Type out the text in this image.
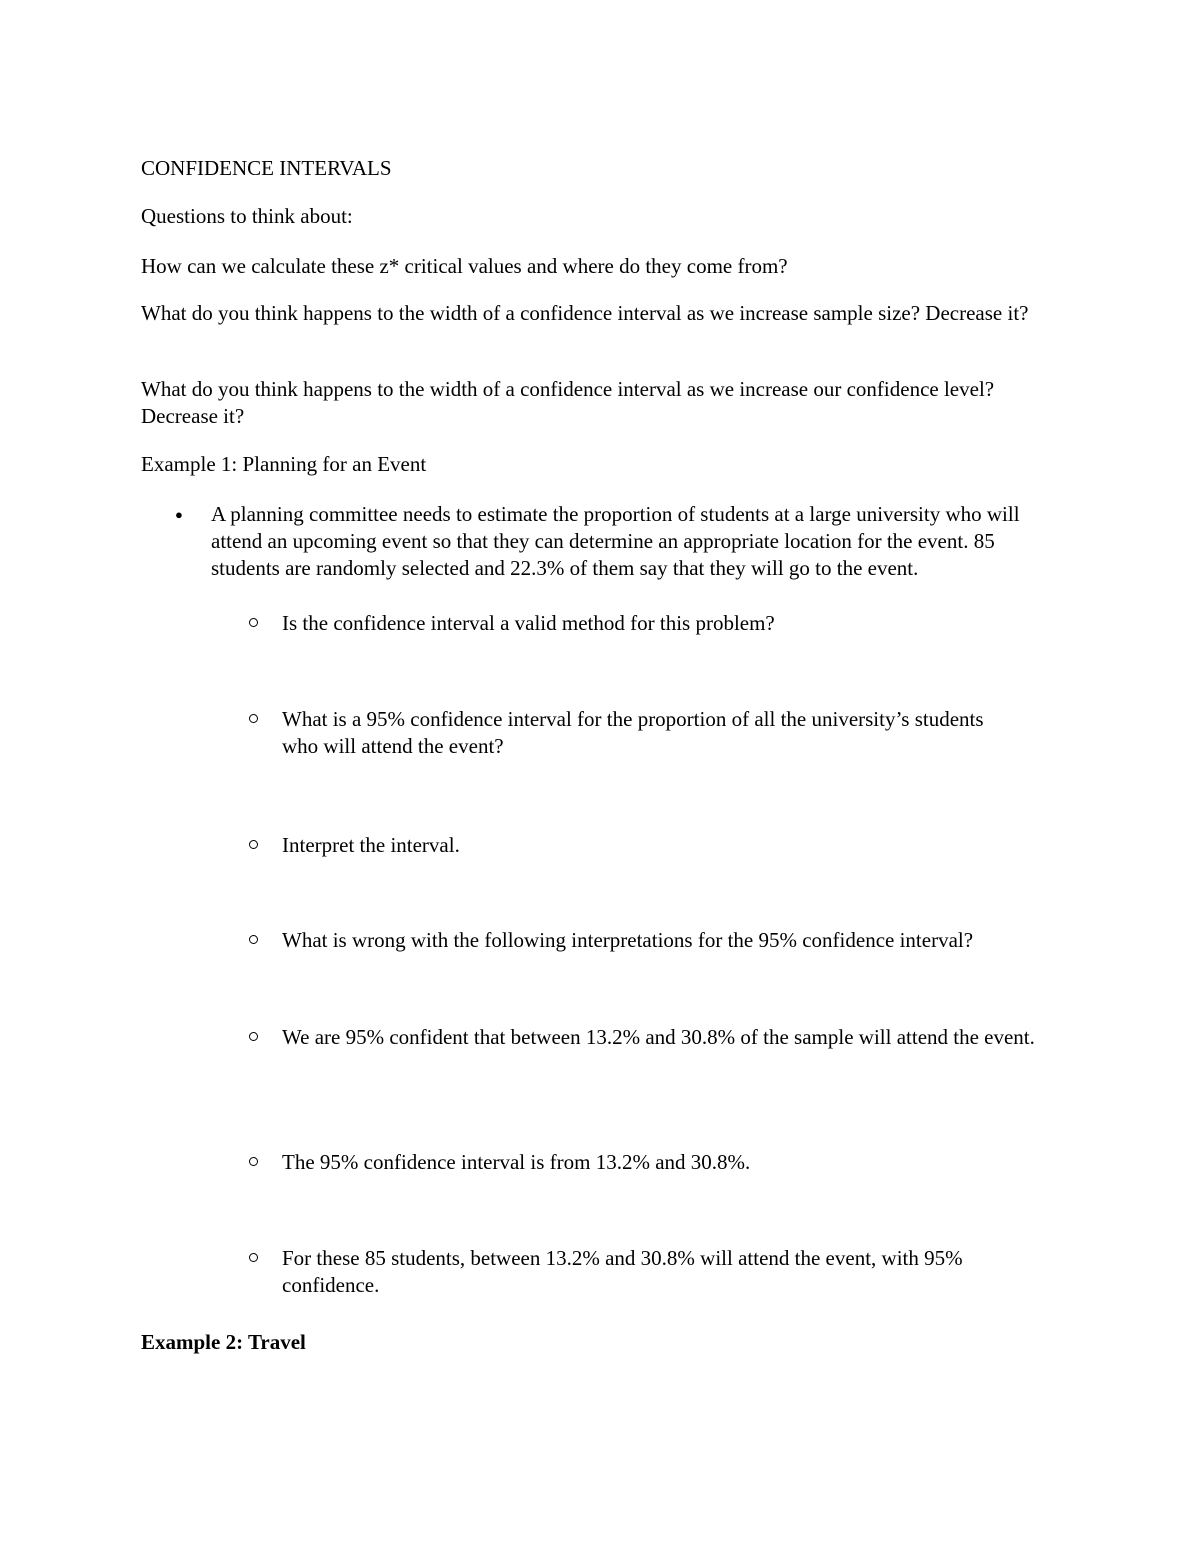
CONFIDENCE INTERVALS
Questions to think about:
How can we calculate these z* critical values and where do they come from?
What do you think happens to the width of a confidence interval as we increase sample size? Decrease it?
What do you think happens to the width of a confidence interval as we increase our confidence level? Decrease it?
Example 1: Planning for an Event
● A planning committee needs to estimate the proportion of students at a large university who will attend an upcoming event so that they can determine an appropriate location for the event. 85 students are randomly selected and 22.3% of them say that they will go to the event.
Is the confidence interval a valid method for this problem?
What is a 95% confidence interval for the proportion of all the university’s students who will attend the event?
Interpret the interval.
What is wrong with the following interpretations for the 95% confidence interval?
We are 95% confident that between 13.2% and 30.8% of the sample will attend the event.
The 95% confidence interval is from 13.2% and 30.8%.
For these 85 students, between 13.2% and 30.8% will attend the event, with 95% confidence.
Example 2: Travel
